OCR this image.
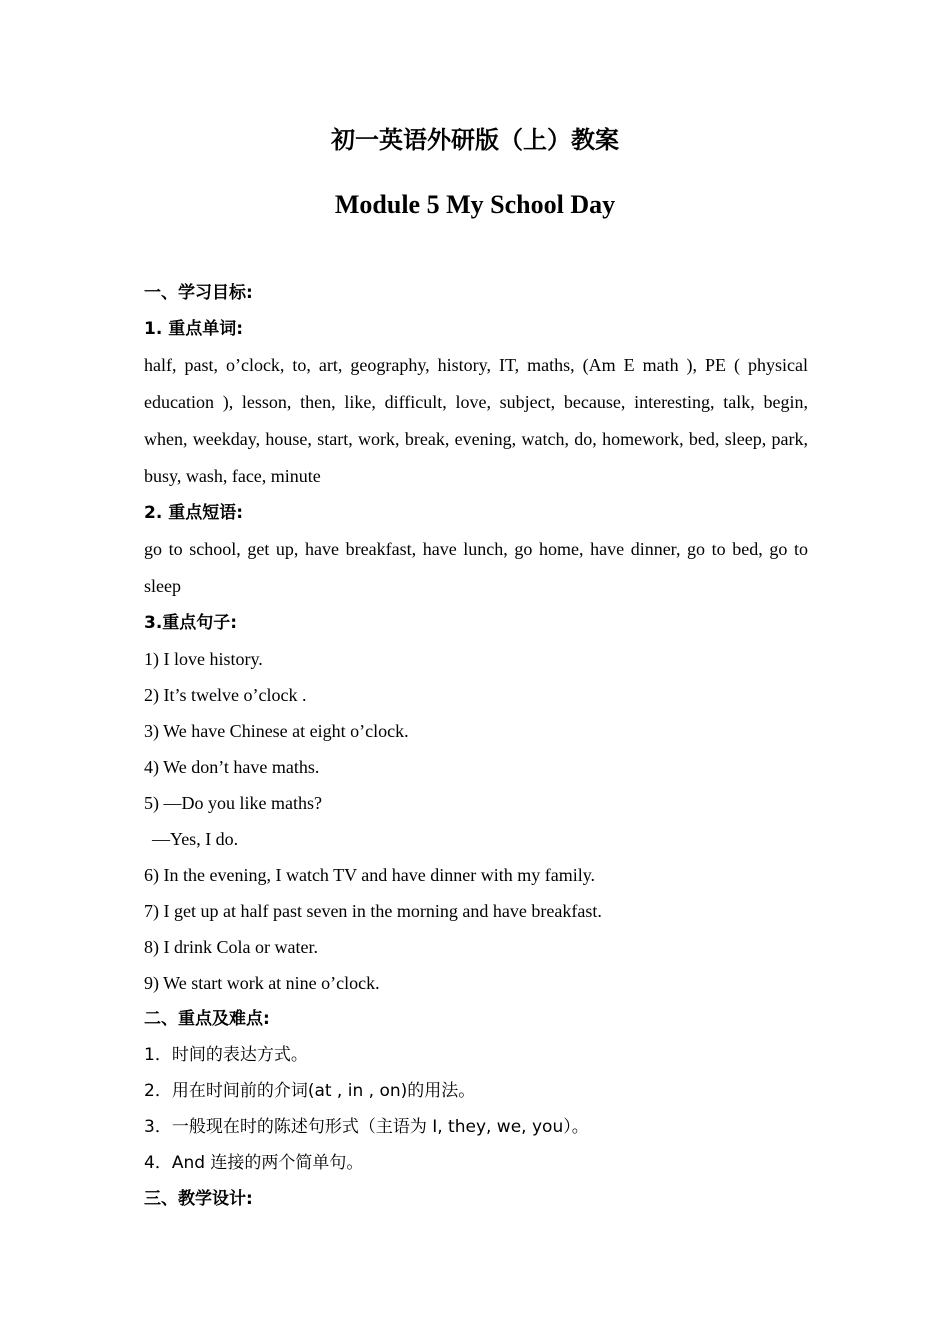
初一英语外研版（上）教案
Module 5 My School Day
一、学习目标:
1. 重点单词:
half, past, o’clock, to, art, geography, history, IT, maths, (Am E math ), PE ( physical education ), lesson, then, like, difficult, love, subject, because, interesting, talk, begin, when, weekday, house, start, work, break, evening, watch, do, homework, bed, sleep, park, busy, wash, face, minute
2. 重点短语:
go to school, get up, have breakfast, have lunch, go home, have dinner, go to bed, go to sleep
3.重点句子:
1) I love history.
2) It’s twelve o’clock .
3) We have Chinese at eight o’clock.
4) We don’t have maths.
5) —Do you like maths?
—Yes, I do.
6) In the evening, I watch TV and have dinner with my family.
7) I get up at half past seven in the morning and have breakfast.
8) I drink Cola or water.
9) We start work at nine o’clock.
二、重点及难点:
1．时间的表达方式。
2．用在时间前的介词(at , in , on)的用法。
3．一般现在时的陈述句形式（主语为 I, they, we, you）。
4．And 连接的两个简单句。
三、教学设计:
